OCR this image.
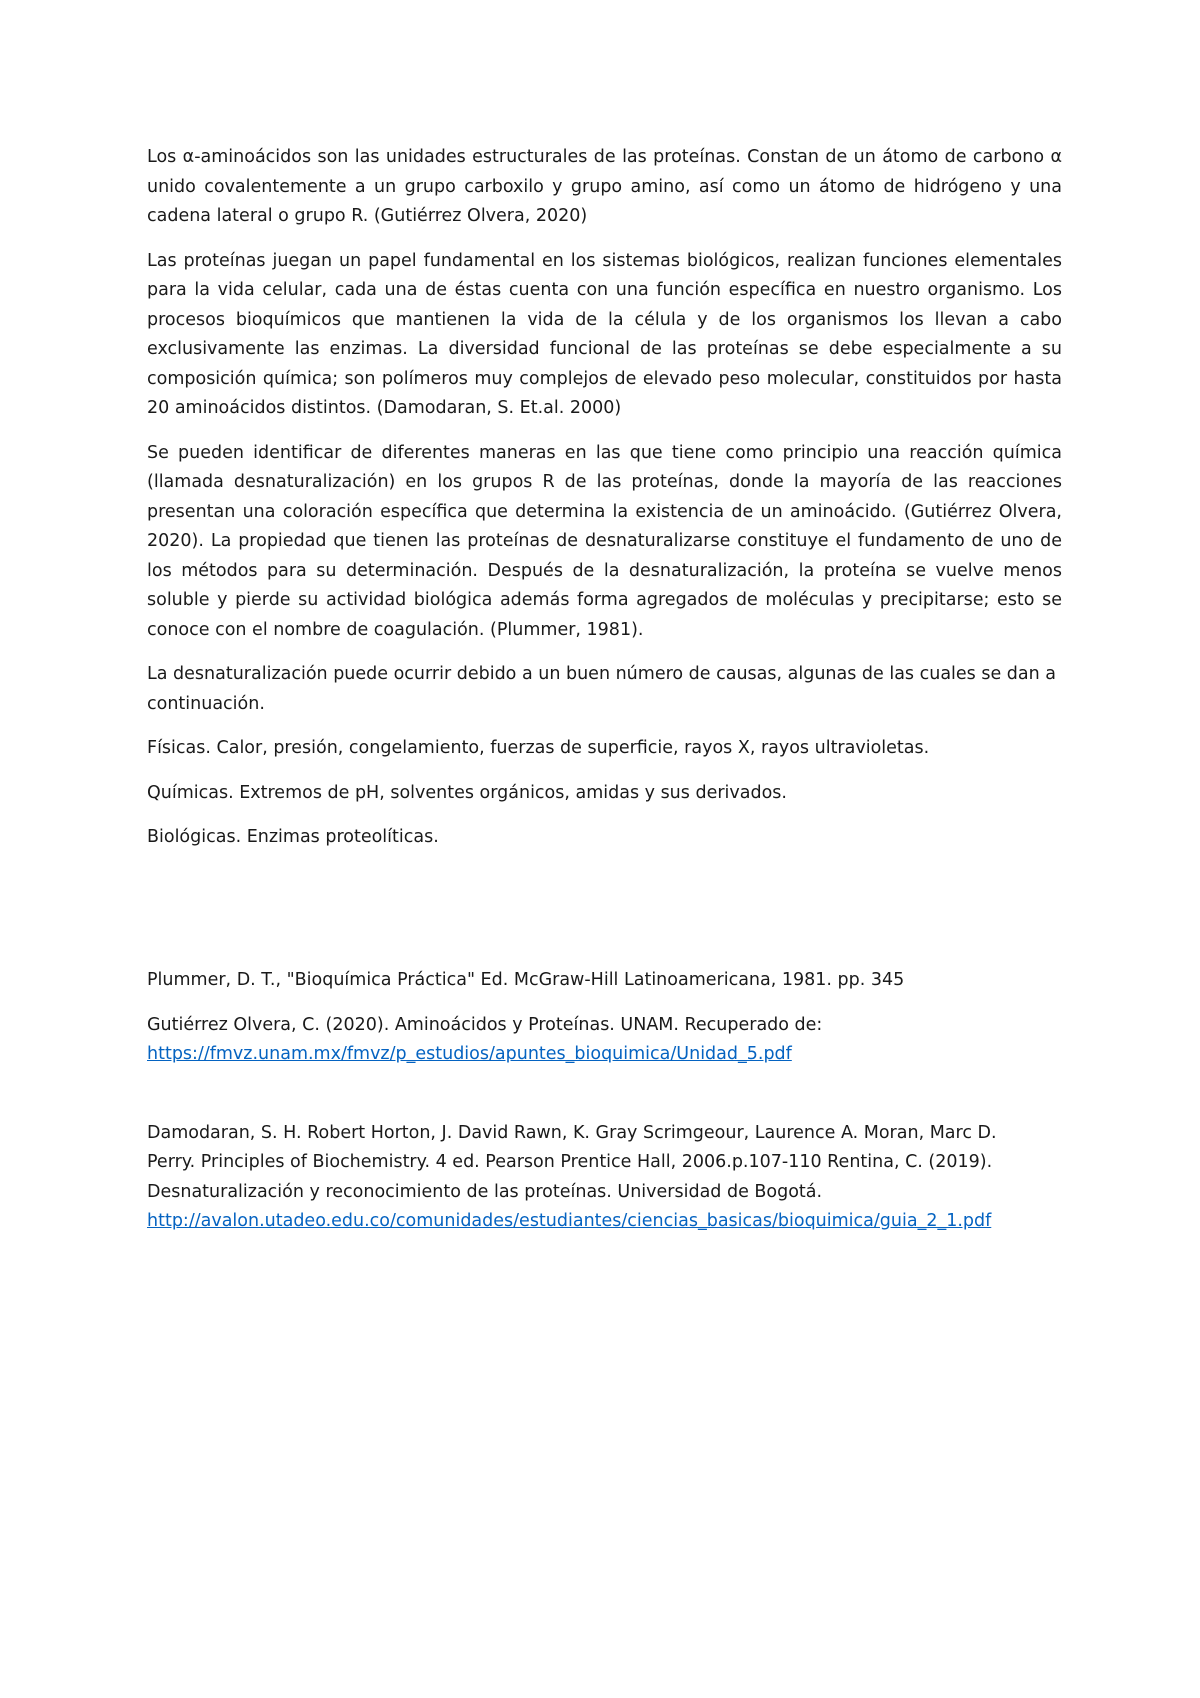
Los α-aminoácidos son las unidades estructurales de las proteínas. Constan de un átomo de carbono α unido covalentemente a un grupo carboxilo y grupo amino, así como un átomo de hidrógeno y una cadena lateral o grupo R. (Gutiérrez Olvera, 2020)

Las proteínas juegan un papel fundamental en los sistemas biológicos, realizan funciones elementales para la vida celular, cada una de éstas cuenta con una función específica en nuestro organismo. Los procesos bioquímicos que mantienen la vida de la célula y de los organismos los llevan a cabo exclusivamente las enzimas. La diversidad funcional de las proteínas se debe especialmente a su composición química; son polímeros muy complejos de elevado peso molecular, constituidos por hasta 20 aminoácidos distintos. (Damodaran, S. Et.al. 2000)

Se pueden identificar de diferentes maneras en las que tiene como principio una reacción química (llamada desnaturalización) en los grupos R de las proteínas, donde la mayoría de las reacciones presentan una coloración específica que determina la existencia de un aminoácido. (Gutiérrez Olvera, 2020). La propiedad que tienen las proteínas de desnaturalizarse constituye el fundamento de uno de los métodos para su determinación. Después de la desnaturalización, la proteína se vuelve menos soluble y pierde su actividad biológica además forma agregados de moléculas y precipitarse; esto se conoce con el nombre de coagulación. (Plummer, 1981).

La desnaturalización puede ocurrir debido a un buen número de causas, algunas de las cuales se dan a continuación.

Físicas. Calor, presión, congelamiento, fuerzas de superficie, rayos X, rayos ultravioletas.

Químicas. Extremos de pH, solventes orgánicos, amidas y sus derivados.

Biológicas. Enzimas proteolíticas.

Plummer, D. T., "Bioquímica Práctica" Ed. McGraw-Hill Latinoamericana, 1981. pp. 345

Gutiérrez Olvera, C. (2020). Aminoácidos y Proteínas. UNAM. Recuperado de:
https://fmvz.unam.mx/fmvz/p_estudios/apuntes_bioquimica/Unidad_5.pdf

Damodaran, S. H. Robert Horton, J. David Rawn, K. Gray Scrimgeour, Laurence A. Moran, Marc D.
Perry. Principles of Biochemistry. 4 ed. Pearson Prentice Hall, 2006.p.107-110 Rentina, C. (2019).
Desnaturalización y reconocimiento de las proteínas. Universidad de Bogotá.
http://avalon.utadeo.edu.co/comunidades/estudiantes/ciencias_basicas/bioquimica/guia_2_1.pdf
